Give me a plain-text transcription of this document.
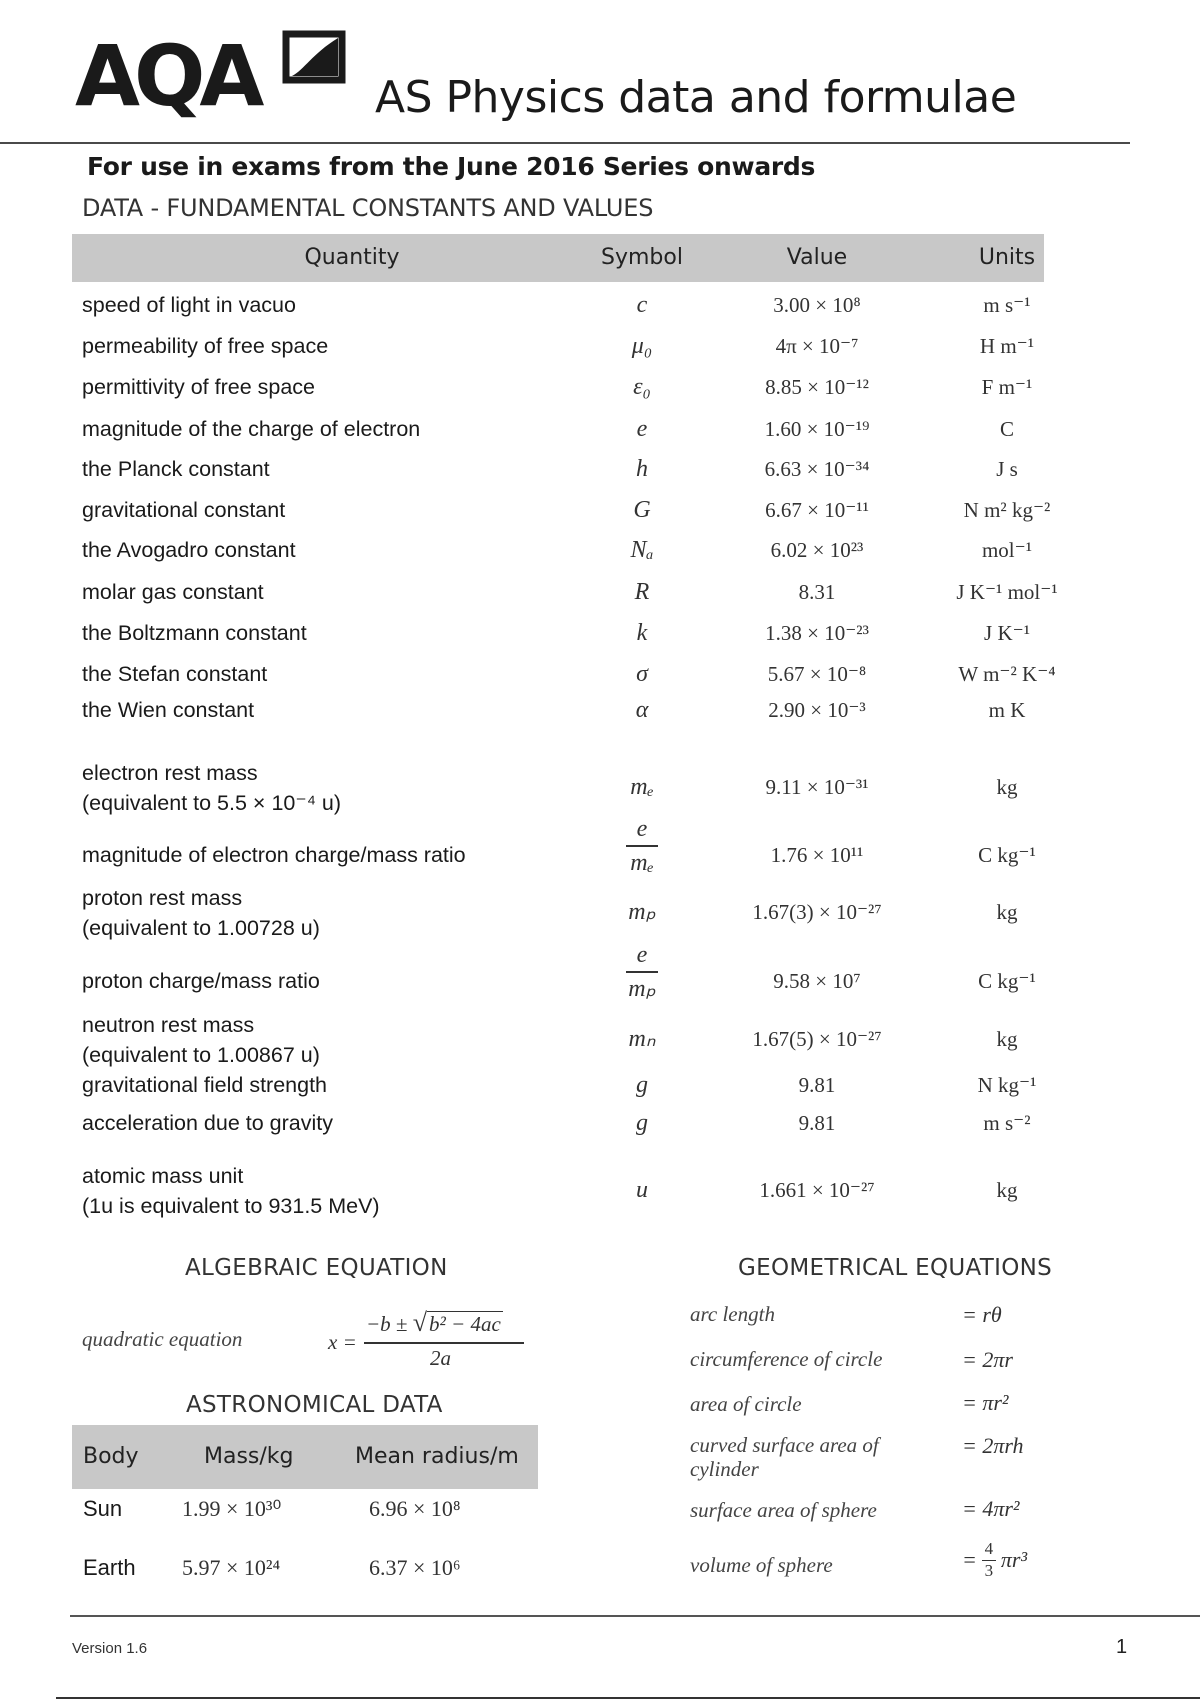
AQA	AS Physics data and formulae
For use in exams from the June 2016 Series onwards
DATA - FUNDAMENTAL CONSTANTS AND VALUES
Quantity	Symbol	Value	Units
speed of light in vacuo	c	3.00 × 10⁸	m s⁻¹
permeability of free space	μ₀	4π × 10⁻⁷	H m⁻¹
permittivity of free space	ε₀	8.85 × 10⁻¹²	F m⁻¹
magnitude of the charge of electron	e	1.60 × 10⁻¹⁹	C
the Planck constant	h	6.63 × 10⁻³⁴	J s
gravitational constant	G	6.67 × 10⁻¹¹	N m² kg⁻²
the Avogadro constant	Nₐ	6.02 × 10²³	mol⁻¹
molar gas constant	R	8.31	J K⁻¹ mol⁻¹
the Boltzmann constant	k	1.38 × 10⁻²³	J K⁻¹
the Stefan constant	σ	5.67 × 10⁻⁸	W m⁻² K⁻⁴
the Wien constant	α	2.90 × 10⁻³	m K
electron rest mass
(equivalent to 5.5 × 10⁻⁴ u)
mₑ	9.11 × 10⁻³¹	kg
magnitude of electron charge/mass ratio	$\frac{e}{\text{mₑ}}$	1.76 × 10¹¹	C kg⁻¹
proton rest mass
(equivalent to 1.00728 u)
mₚ	1.67(3) × 10⁻²⁷	kg
proton charge/mass ratio	$\frac{e}{\text{mₚ}}$	9.58 × 10⁷	C kg⁻¹
neutron rest mass
(equivalent to 1.00867 u)
mₙ	1.67(5) × 10⁻²⁷	kg
gravitational field strength	g	9.81	N kg⁻¹
acceleration due to gravity	g	9.81	m s⁻²
atomic mass unit
(1u is equivalent to 931.5 MeV)
u	1.661 × 10⁻²⁷	kg
ALGEBRAIC EQUATION
quadratic equation	x =
−b ± √b² − 4ac
2a
ASTRONOMICAL DATA
Body	Mass/kg	Mean radius/m
Sun	1.99 × 10³⁰	6.96 × 10⁸
Earth 5.97 × 10²⁴	6.37 × 10⁶
GEOMETRICAL EQUATIONS
arc length	= rθ
circumference of circle	= 2πr
area of circle	= πr²
curved surface area of cylinder
= 2πrh
surface area of sphere	= 4πr²
volume of sphere	= $\frac{4}{3} \pi r^3$
Version 1.6	1
